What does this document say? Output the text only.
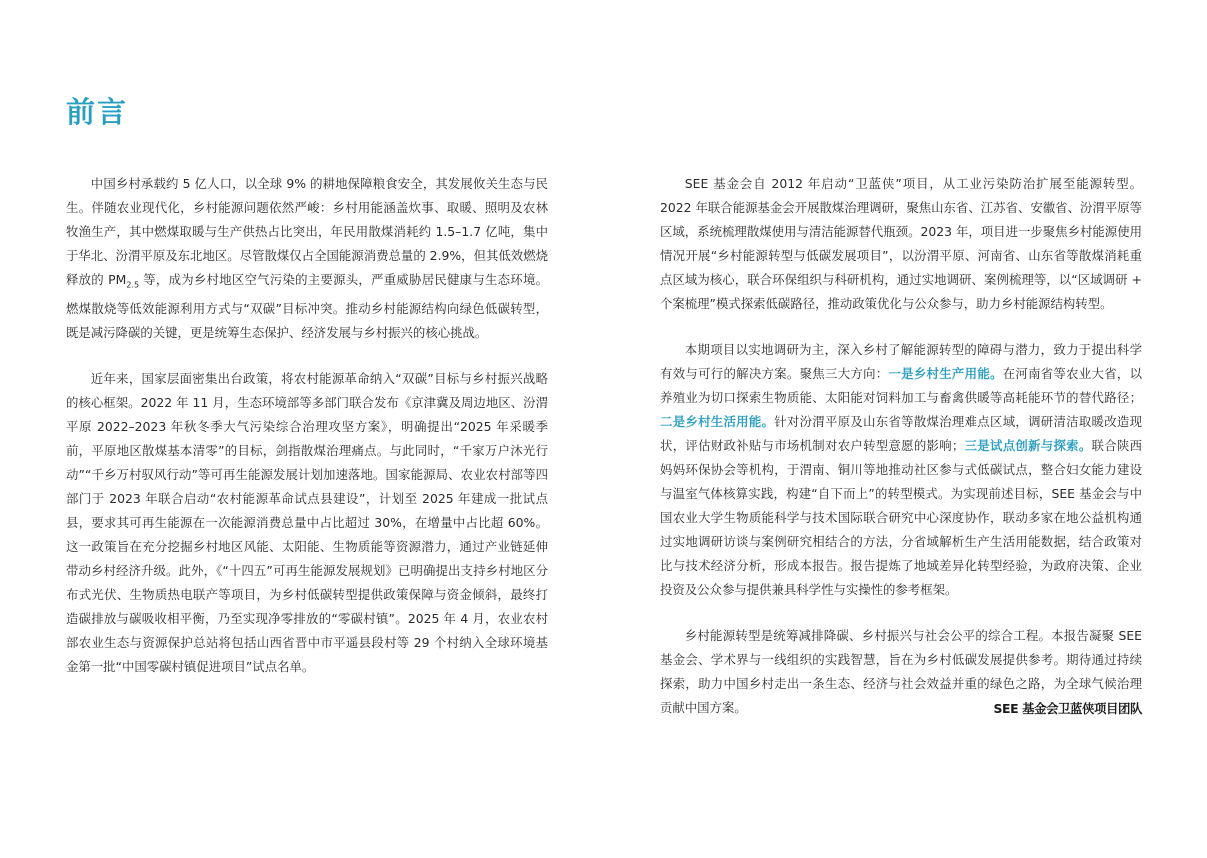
前言

中国乡村承载约 5 亿人口，以全球 9% 的耕地保障粮食安全，其发展攸关生态与民生。伴随农业现代化，乡村能源问题依然严峻：乡村用能涵盖炊事、取暖、照明及农林牧渔生产，其中燃煤取暖与生产供热占比突出，年民用散煤消耗约 1.5–1.7 亿吨，集中于华北、汾渭平原及东北地区。尽管散煤仅占全国能源消费总量的 2.9%，但其低效燃烧释放的 $PM_{2.5}$ 等，成为乡村地区空气污染的主要源头，严重威胁居民健康与生态环境。燃煤散烧等低效能源利用方式与“双碳”目标冲突。推动乡村能源结构向绿色低碳转型，既是减污降碳的关键，更是统筹生态保护、经济发展与乡村振兴的核心挑战。

近年来，国家层面密集出台政策，将农村能源革命纳入“双碳”目标与乡村振兴战略的核心框架。2022 年 11 月，生态环境部等多部门联合发布《京津冀及周边地区、汾渭平原 2022–2023 年秋冬季大气污染综合治理攻坚方案》，明确提出“2025 年采暖季前，平原地区散煤基本清零”的目标，剑指散煤治理痛点。与此同时，“千家万户沐光行动”“千乡万村驭风行动”等可再生能源发展计划加速落地。国家能源局、农业农村部等四部门于 2023 年联合启动“农村能源革命试点县建设”，计划至 2025 年建成一批试点县，要求其可再生能源在一次能源消费总量中占比超过 30%，在增量中占比超 60%。这一政策旨在充分挖掘乡村地区风能、太阳能、生物质能等资源潜力，通过产业链延伸带动乡村经济升级。此外，《“十四五”可再生能源发展规划》已明确提出支持乡村地区分布式光伏、生物质热电联产等项目，为乡村低碳转型提供政策保障与资金倾斜，最终打造碳排放与碳吸收相平衡，乃至实现净零排放的“零碳村镇”。2025 年 4 月，农业农村部农业生态与资源保护总站将包括山西省晋中市平遥县段村等 29 个村纳入全球环境基金第一批“中国零碳村镇促进项目”试点名单。

SEE 基金会自 2012 年启动“卫蓝侠”项目，从工业污染防治扩展至能源转型。2022 年联合能源基金会开展散煤治理调研，聚焦山东省、江苏省、安徽省、汾渭平原等区域，系统梳理散煤使用与清洁能源替代瓶颈。2023 年，项目进一步聚焦乡村能源使用情况开展“乡村能源转型与低碳发展项目”，以汾渭平原、河南省、山东省等散煤消耗重点区域为核心，联合环保组织与科研机构，通过实地调研、案例梳理等，以“区域调研 + 个案梳理”模式探索低碳路径，推动政策优化与公众参与，助力乡村能源结构转型。

本期项目以实地调研为主，深入乡村了解能源转型的障碍与潜力，致力于提出科学有效与可行的解决方案。聚焦三大方向：一是乡村生产用能。在河南省等农业大省，以养殖业为切口探索生物质能、太阳能对饲料加工与畜禽供暖等高耗能环节的替代路径；二是乡村生活用能。针对汾渭平原及山东省等散煤治理难点区域，调研清洁取暖改造现状，评估财政补贴与市场机制对农户转型意愿的影响；三是试点创新与探索。联合陕西妈妈环保协会等机构，于渭南、铜川等地推动社区参与式低碳试点，整合妇女能力建设与温室气体核算实践，构建“自下而上”的转型模式。为实现前述目标，SEE 基金会与中国农业大学生物质能科学与技术国际联合研究中心深度协作，联动多家在地公益机构通过实地调研访谈与案例研究相结合的方法，分省域解析生产生活用能数据，结合政策对比与技术经济分析，形成本报告。报告提炼了地域差异化转型经验，为政府决策、企业投资及公众参与提供兼具科学性与实操性的参考框架。

乡村能源转型是统筹减排降碳、乡村振兴与社会公平的综合工程。本报告凝聚 SEE 基金会、学术界与一线组织的实践智慧，旨在为乡村低碳发展提供参考。期待通过持续探索，助力中国乡村走出一条生态、经济与社会效益并重的绿色之路，为全球气候治理贡献中国方案。	SEE 基金会卫蓝侠项目团队
